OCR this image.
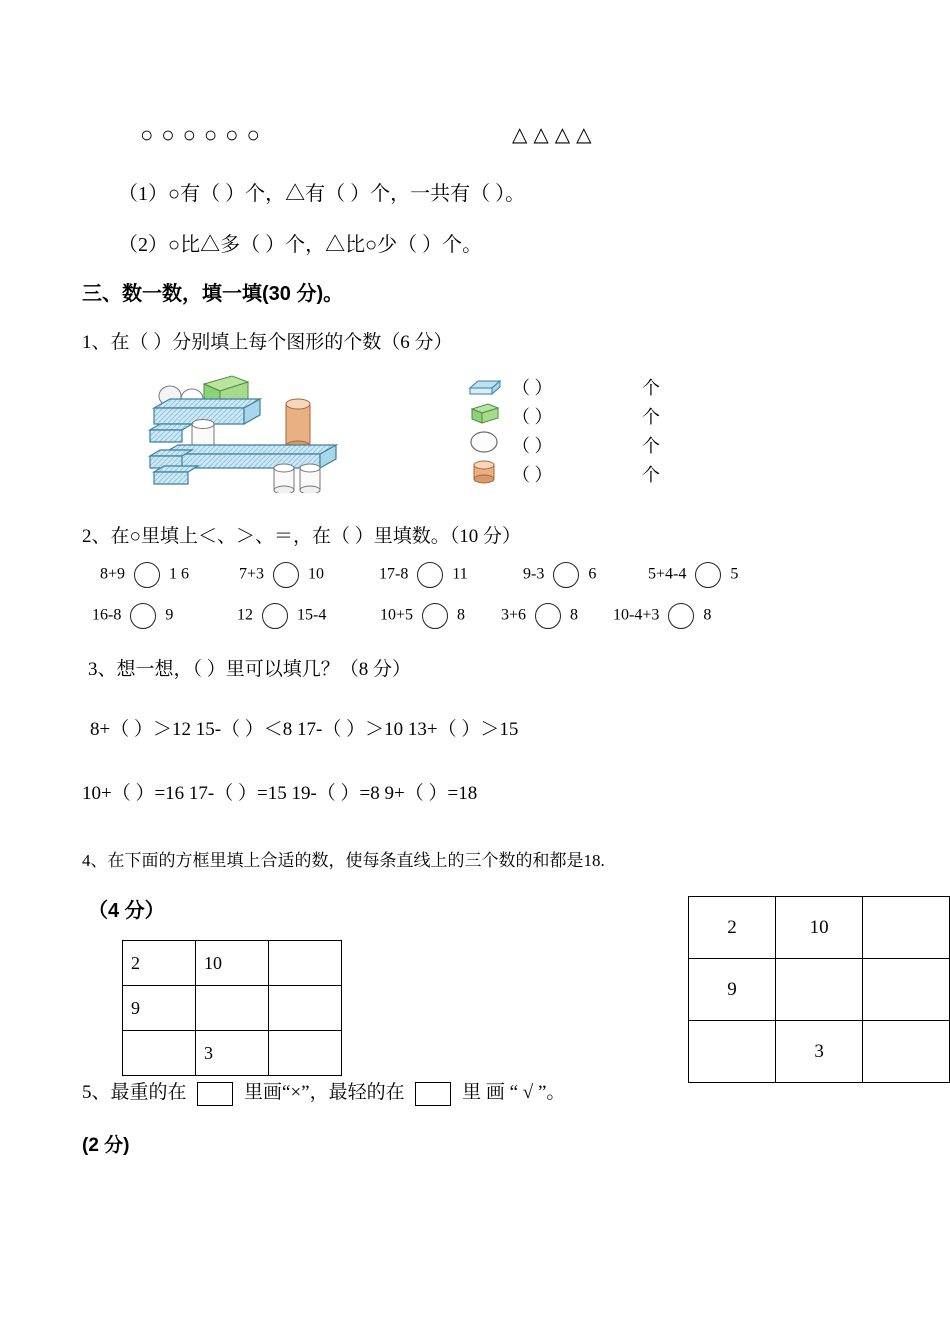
○○○○○○	△△△△
（1）○有（ ）个，△有（ ）个，一共有（ ）。
（2）○比△多（ ）个，△比○少（ ）个。
三、数一数，填一填(30 分)。
1、在（ ）分别填上每个图形的个数（6 分）
（ ）	个
（ ）	个
（ ）	个
（ ）	个
2、在○里填上＜、＞、＝，在（ ）里填数。（10 分）
8+9	1 6	7+3	10	17-8	11	9-3	6	5+4-4	5
16-8	9	12	15-4	10+5	8 3+6	8 10-4+3	8
3、想一想，（ ）里可以填几？（8 分）
8+（ ）＞12 15-（ ）＜8 17-（ ）＞10 13+（ ）＞15
10+（ ）=16 17-（ ）=15 19-（ ）=8 9+（ ）=18
4、在下面的方框里填上合适的数，使每条直线上的三个数的和都是18.
（4 分）
2	10	
9		
	3	
2	10	
9		
	3	
5、最重的在	里画“×”，最轻的在	里 画 “ √ ”。
(2 分)
